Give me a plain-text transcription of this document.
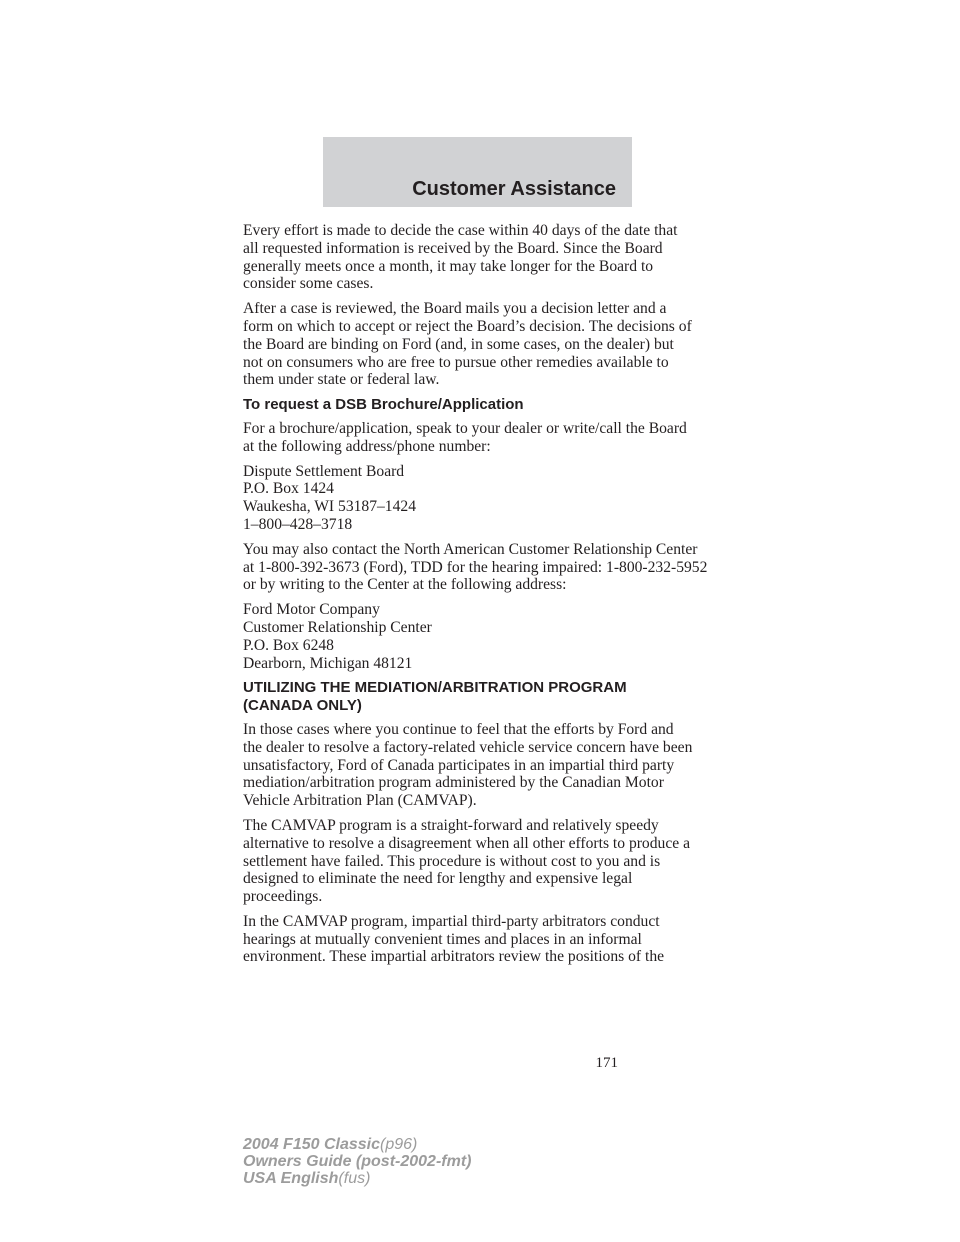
Customer Assistance

Every effort is made to decide the case within 40 days of the date that
all requested information is received by the Board. Since the Board
generally meets once a month, it may take longer for the Board to
consider some cases.

After a case is reviewed, the Board mails you a decision letter and a
form on which to accept or reject the Board’s decision. The decisions of
the Board are binding on Ford (and, in some cases, on the dealer) but
not on consumers who are free to pursue other remedies available to
them under state or federal law.

To request a DSB Brochure/Application

For a brochure/application, speak to your dealer or write/call the Board
at the following address/phone number:

Dispute Settlement Board
P.O. Box 1424
Waukesha, WI 53187–1424
1–800–428–3718

You may also contact the North American Customer Relationship Center
at 1-800-392-3673 (Ford), TDD for the hearing impaired: 1-800-232-5952
or by writing to the Center at the following address:

Ford Motor Company
Customer Relationship Center
P.O. Box 6248
Dearborn, Michigan 48121

UTILIZING THE MEDIATION/ARBITRATION PROGRAM
(CANADA ONLY)

In those cases where you continue to feel that the efforts by Ford and
the dealer to resolve a factory-related vehicle service concern have been
unsatisfactory, Ford of Canada participates in an impartial third party
mediation/arbitration program administered by the Canadian Motor
Vehicle Arbitration Plan (CAMVAP).

The CAMVAP program is a straight-forward and relatively speedy
alternative to resolve a disagreement when all other efforts to produce a
settlement have failed. This procedure is without cost to you and is
designed to eliminate the need for lengthy and expensive legal
proceedings.

In the CAMVAP program, impartial third-party arbitrators conduct
hearings at mutually convenient times and places in an informal
environment. These impartial arbitrators review the positions of the

171
2004 F150 Classic(p96)
Owners Guide (post-2002-fmt)
USA English(fus)
